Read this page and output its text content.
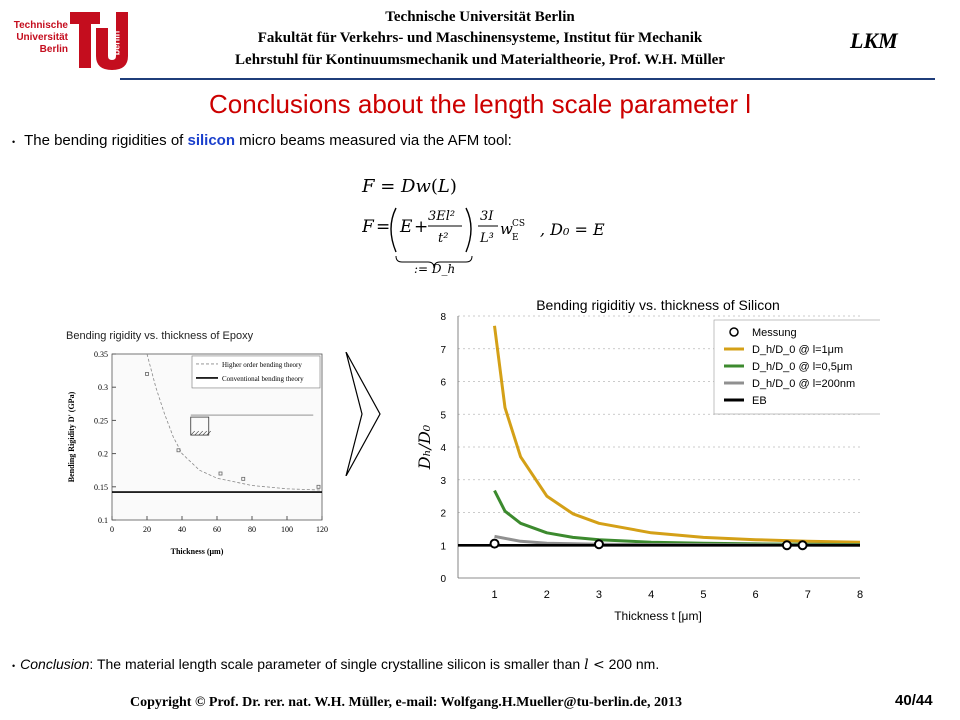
Technische
Universität
Berlin	berlin
Technische Universität Berlin
Fakultät für Verkehrs- und Maschinensysteme, Institut für Mechanik
Lehrstuhl für Kontinuumsmechanik und Materialtheorie, Prof. W.H. Müller
LKM
Conclusions about the length scale parameter l
•   The bending rigidities of silicon micro beams measured via the AFM tool:
F = Dw(L)
F = E +
3El²
t²
3I
L³
w CS
E , D₀ = E
:= D_h
Bending rigidity vs. thickness of Epoxy
0.1
0.15
0.2
0.25
0.3
0.35
0	20	40	60	80	100	120
Bending Rigidity D' (GPa)
Thickness (μm)
Higher order bending theory
Conventional bending theory
Bending rigiditiy vs. thickness of Silicon
0
1
2
3
4
5
6
7
8
1	2	3	4	5	6	7	8
Dₕ/D₀
Thickness t [μm]
Messung
D_h/D_0 @ l=1μm
D_h/D_0 @ l=0,5μm
D_h/D_0 @ l=200nm
EB
•  Conclusion: The material length scale parameter of single crystalline silicon is smaller than l < 200 nm.
Copyright © Prof. Dr. rer. nat. W.H. Müller, e-mail: Wolfgang.H.Mueller@tu-berlin.de, 2013	40/44
